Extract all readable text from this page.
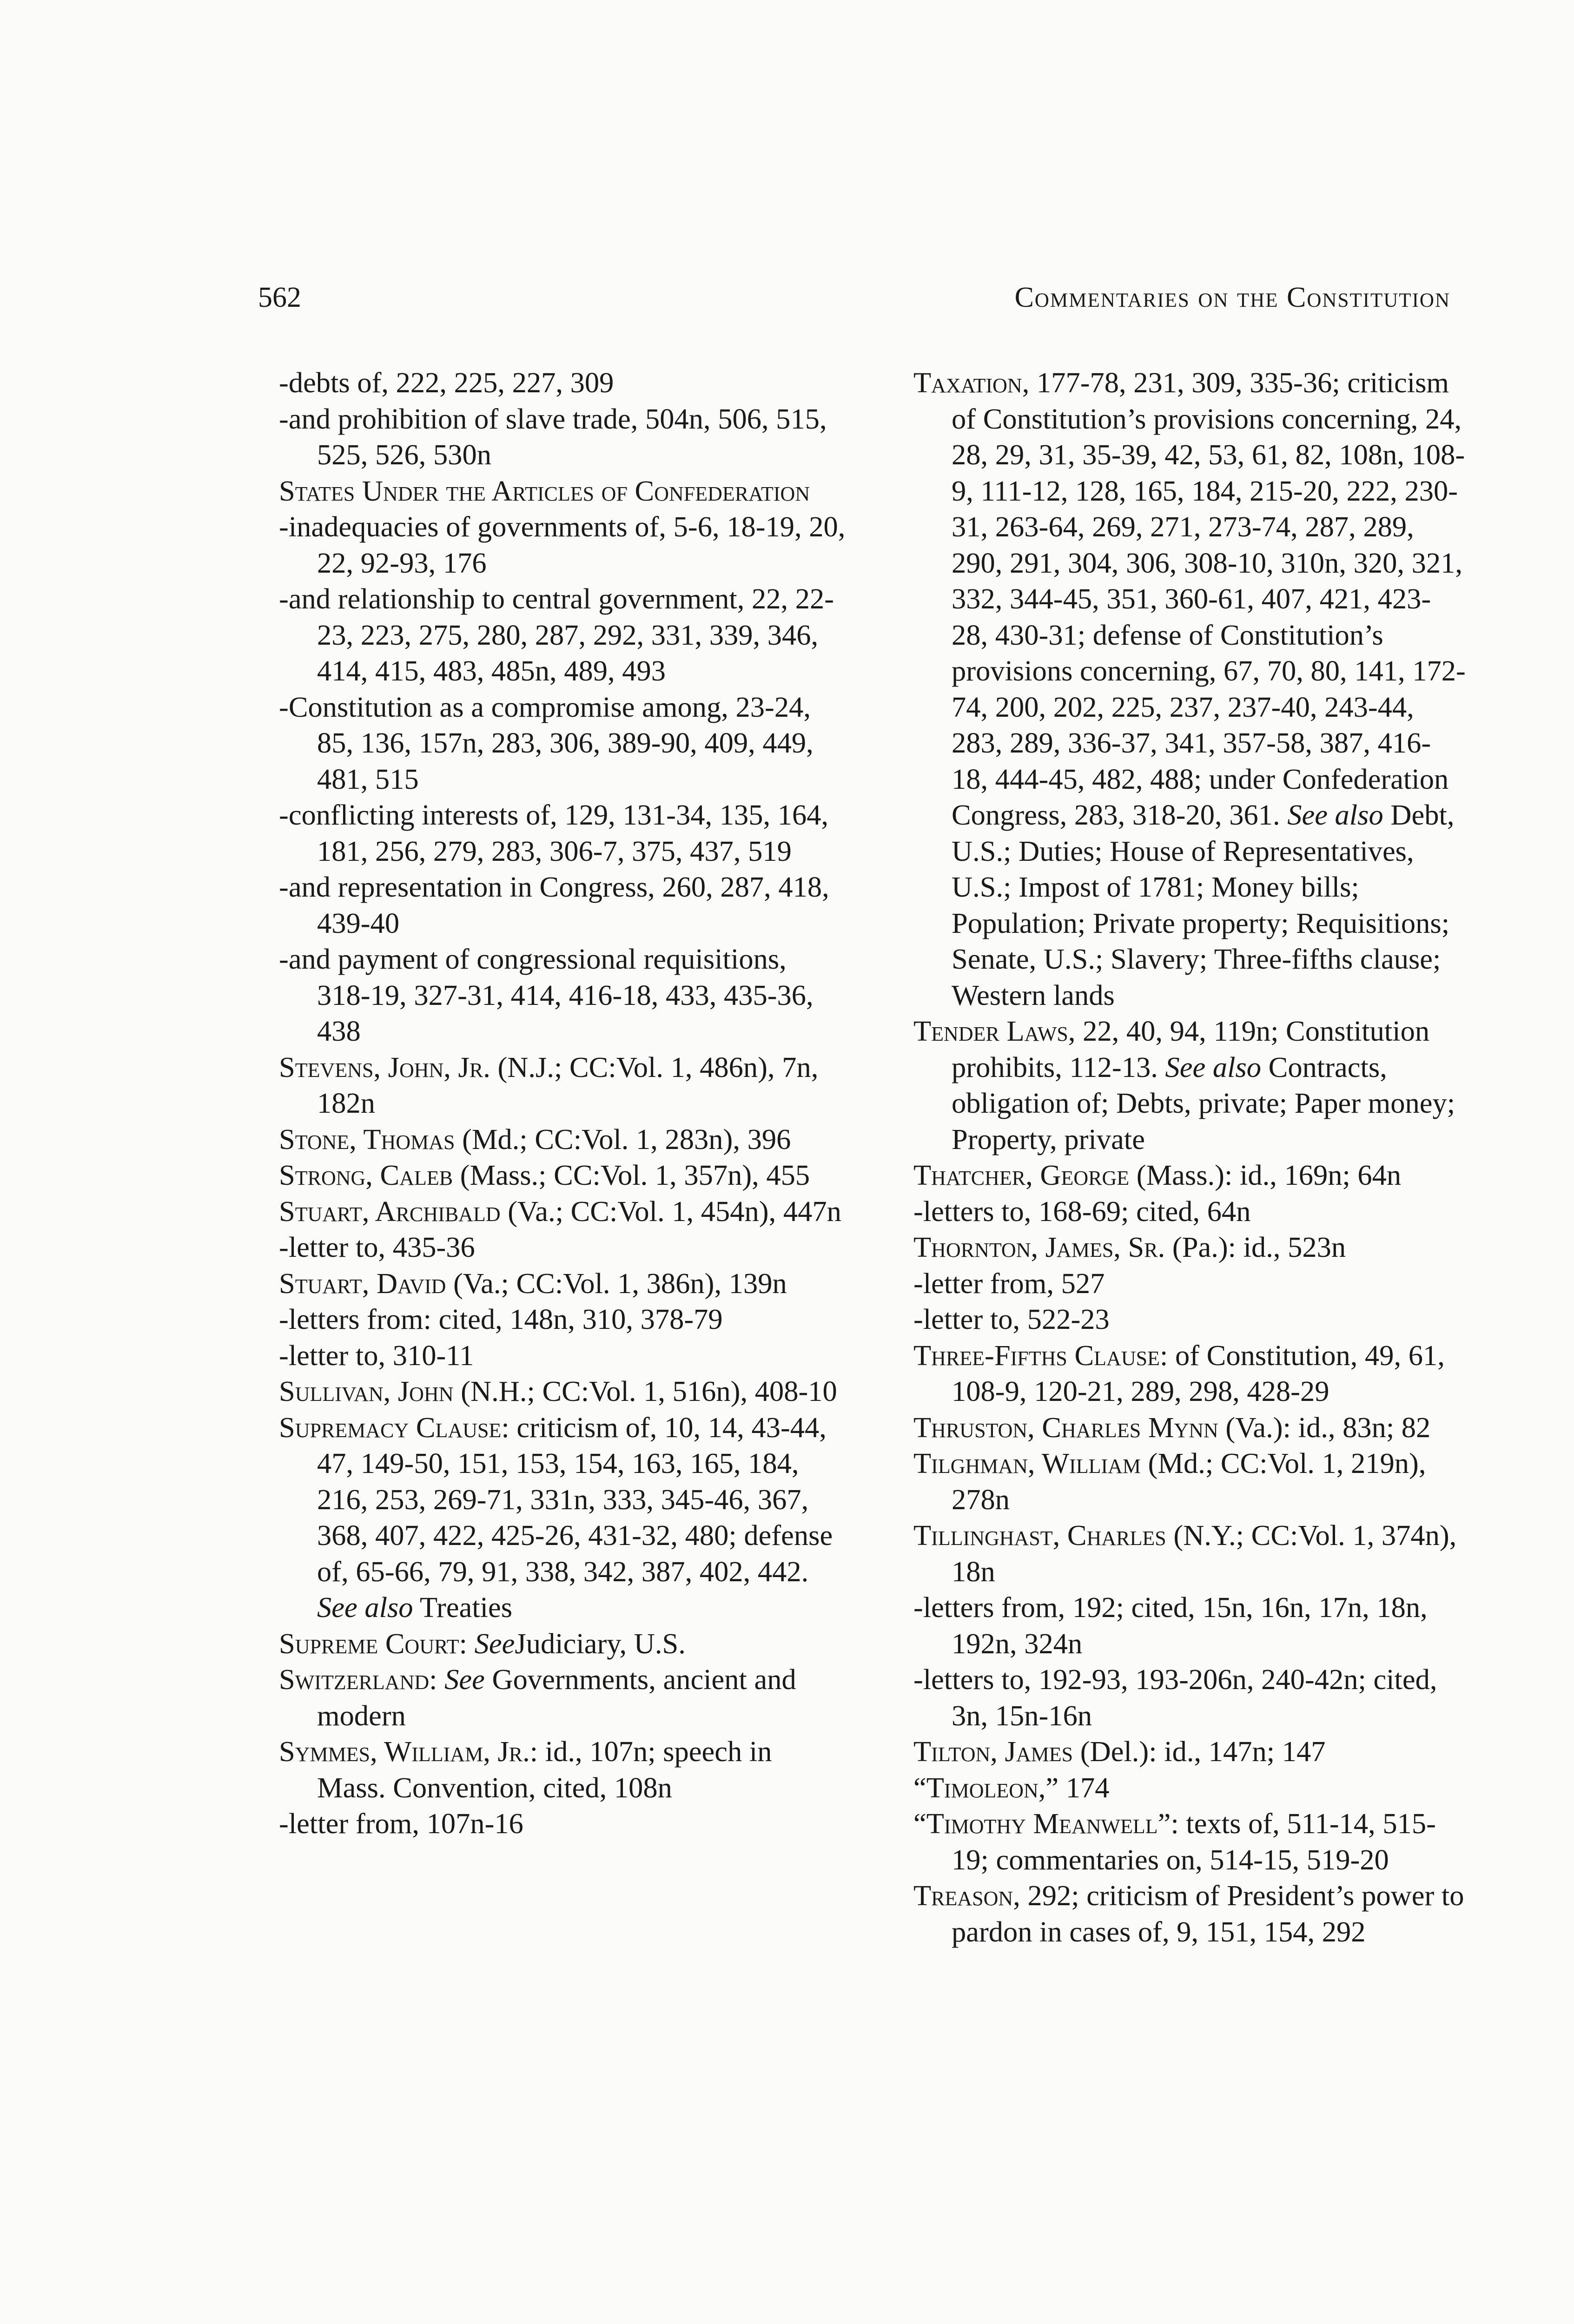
562	Commentaries on the Constitution

-debts of, 222, 225, 227, 309

-and prohibition of slave trade, 504n, 506, 515, 525, 526, 530n

States Under the Articles of Confederation

-inadequacies of governments of, 5-6, 18-19, 20, 22, 92-93, 176

-and relationship to central government, 22, 22-23, 223, 275, 280, 287, 292, 331, 339, 346, 414, 415, 483, 485n, 489, 493

-Constitution as a compromise among, 23-24, 85, 136, 157n, 283, 306, 389-90, 409, 449, 481, 515

-conflicting interests of, 129, 131-34, 135, 164, 181, 256, 279, 283, 306-7, 375, 437, 519

-and representation in Congress, 260, 287, 418, 439-40

-and payment of congressional requisitions, 318-19, 327-31, 414, 416-18, 433, 435-36, 438

Stevens, John, Jr. (N.J.; CC:Vol. 1, 486n), 7n, 182n

Stone, Thomas (Md.; CC:Vol. 1, 283n), 396

Strong, Caleb (Mass.; CC:Vol. 1, 357n), 455

Stuart, Archibald (Va.; CC:Vol. 1, 454n), 447n

-letter to, 435-36

Stuart, David (Va.; CC:Vol. 1, 386n), 139n

-letters from: cited, 148n, 310, 378-79

-letter to, 310-11

Sullivan, John (N.H.; CC:Vol. 1, 516n), 408-10

Supremacy Clause: criticism of, 10, 14, 43-44, 47, 149-50, 151, 153, 154, 163, 165, 184, 216, 253, 269-71, 331n, 333, 345-46, 367, 368, 407, 422, 425-26, 431-32, 480; defense of, 65-66, 79, 91, 338, 342, 387, 402, 442. See also Treaties

Supreme Court: SeeJudiciary, U.S.

Switzerland: See Governments, ancient and modern

Symmes, William, Jr.: id., 107n; speech in Mass. Convention, cited, 108n

-letter from, 107n-16

Taxation, 177-78, 231, 309, 335-36; criticism of Constitution’s provisions concerning, 24, 28, 29, 31, 35-39, 42, 53, 61, 82, 108n, 108-9, 111-12, 128, 165, 184, 215-20, 222, 230-31, 263-64, 269, 271, 273-74, 287, 289, 290, 291, 304, 306, 308-10, 310n, 320, 321, 332, 344-45, 351, 360-61, 407, 421, 423-28, 430-31; defense of Constitution’s provisions concerning, 67, 70, 80, 141, 172-74, 200, 202, 225, 237, 237-40, 243-44, 283, 289, 336-37, 341, 357-58, 387, 416-18, 444-45, 482, 488; under Confederation Congress, 283, 318-20, 361. See also Debt, U.S.; Duties; House of Representatives, U.S.; Impost of 1781; Money bills; Population; Private property; Requisitions; Senate, U.S.; Slavery; Three-fifths clause; Western lands

Tender Laws, 22, 40, 94, 119n; Constitution prohibits, 112-13. See also Contracts, obligation of; Debts, private; Paper money; Property, private

Thatcher, George (Mass.): id., 169n; 64n

-letters to, 168-69; cited, 64n

Thornton, James, Sr. (Pa.): id., 523n

-letter from, 527

-letter to, 522-23

Three-Fifths Clause: of Constitution, 49, 61, 108-9, 120-21, 289, 298, 428-29

Thruston, Charles Mynn (Va.): id., 83n; 82

Tilghman, William (Md.; CC:Vol. 1, 219n), 278n

Tillinghast, Charles (N.Y.; CC:Vol. 1, 374n), 18n

-letters from, 192; cited, 15n, 16n, 17n, 18n, 192n, 324n

-letters to, 192-93, 193-206n, 240-42n; cited, 3n, 15n-16n

Tilton, James (Del.): id., 147n; 147

“Timoleon,” 174

“Timothy Meanwell”: texts of, 511-14, 515-19; commentaries on, 514-15, 519-20

Treason, 292; criticism of President’s power to pardon in cases of, 9, 151, 154, 292
